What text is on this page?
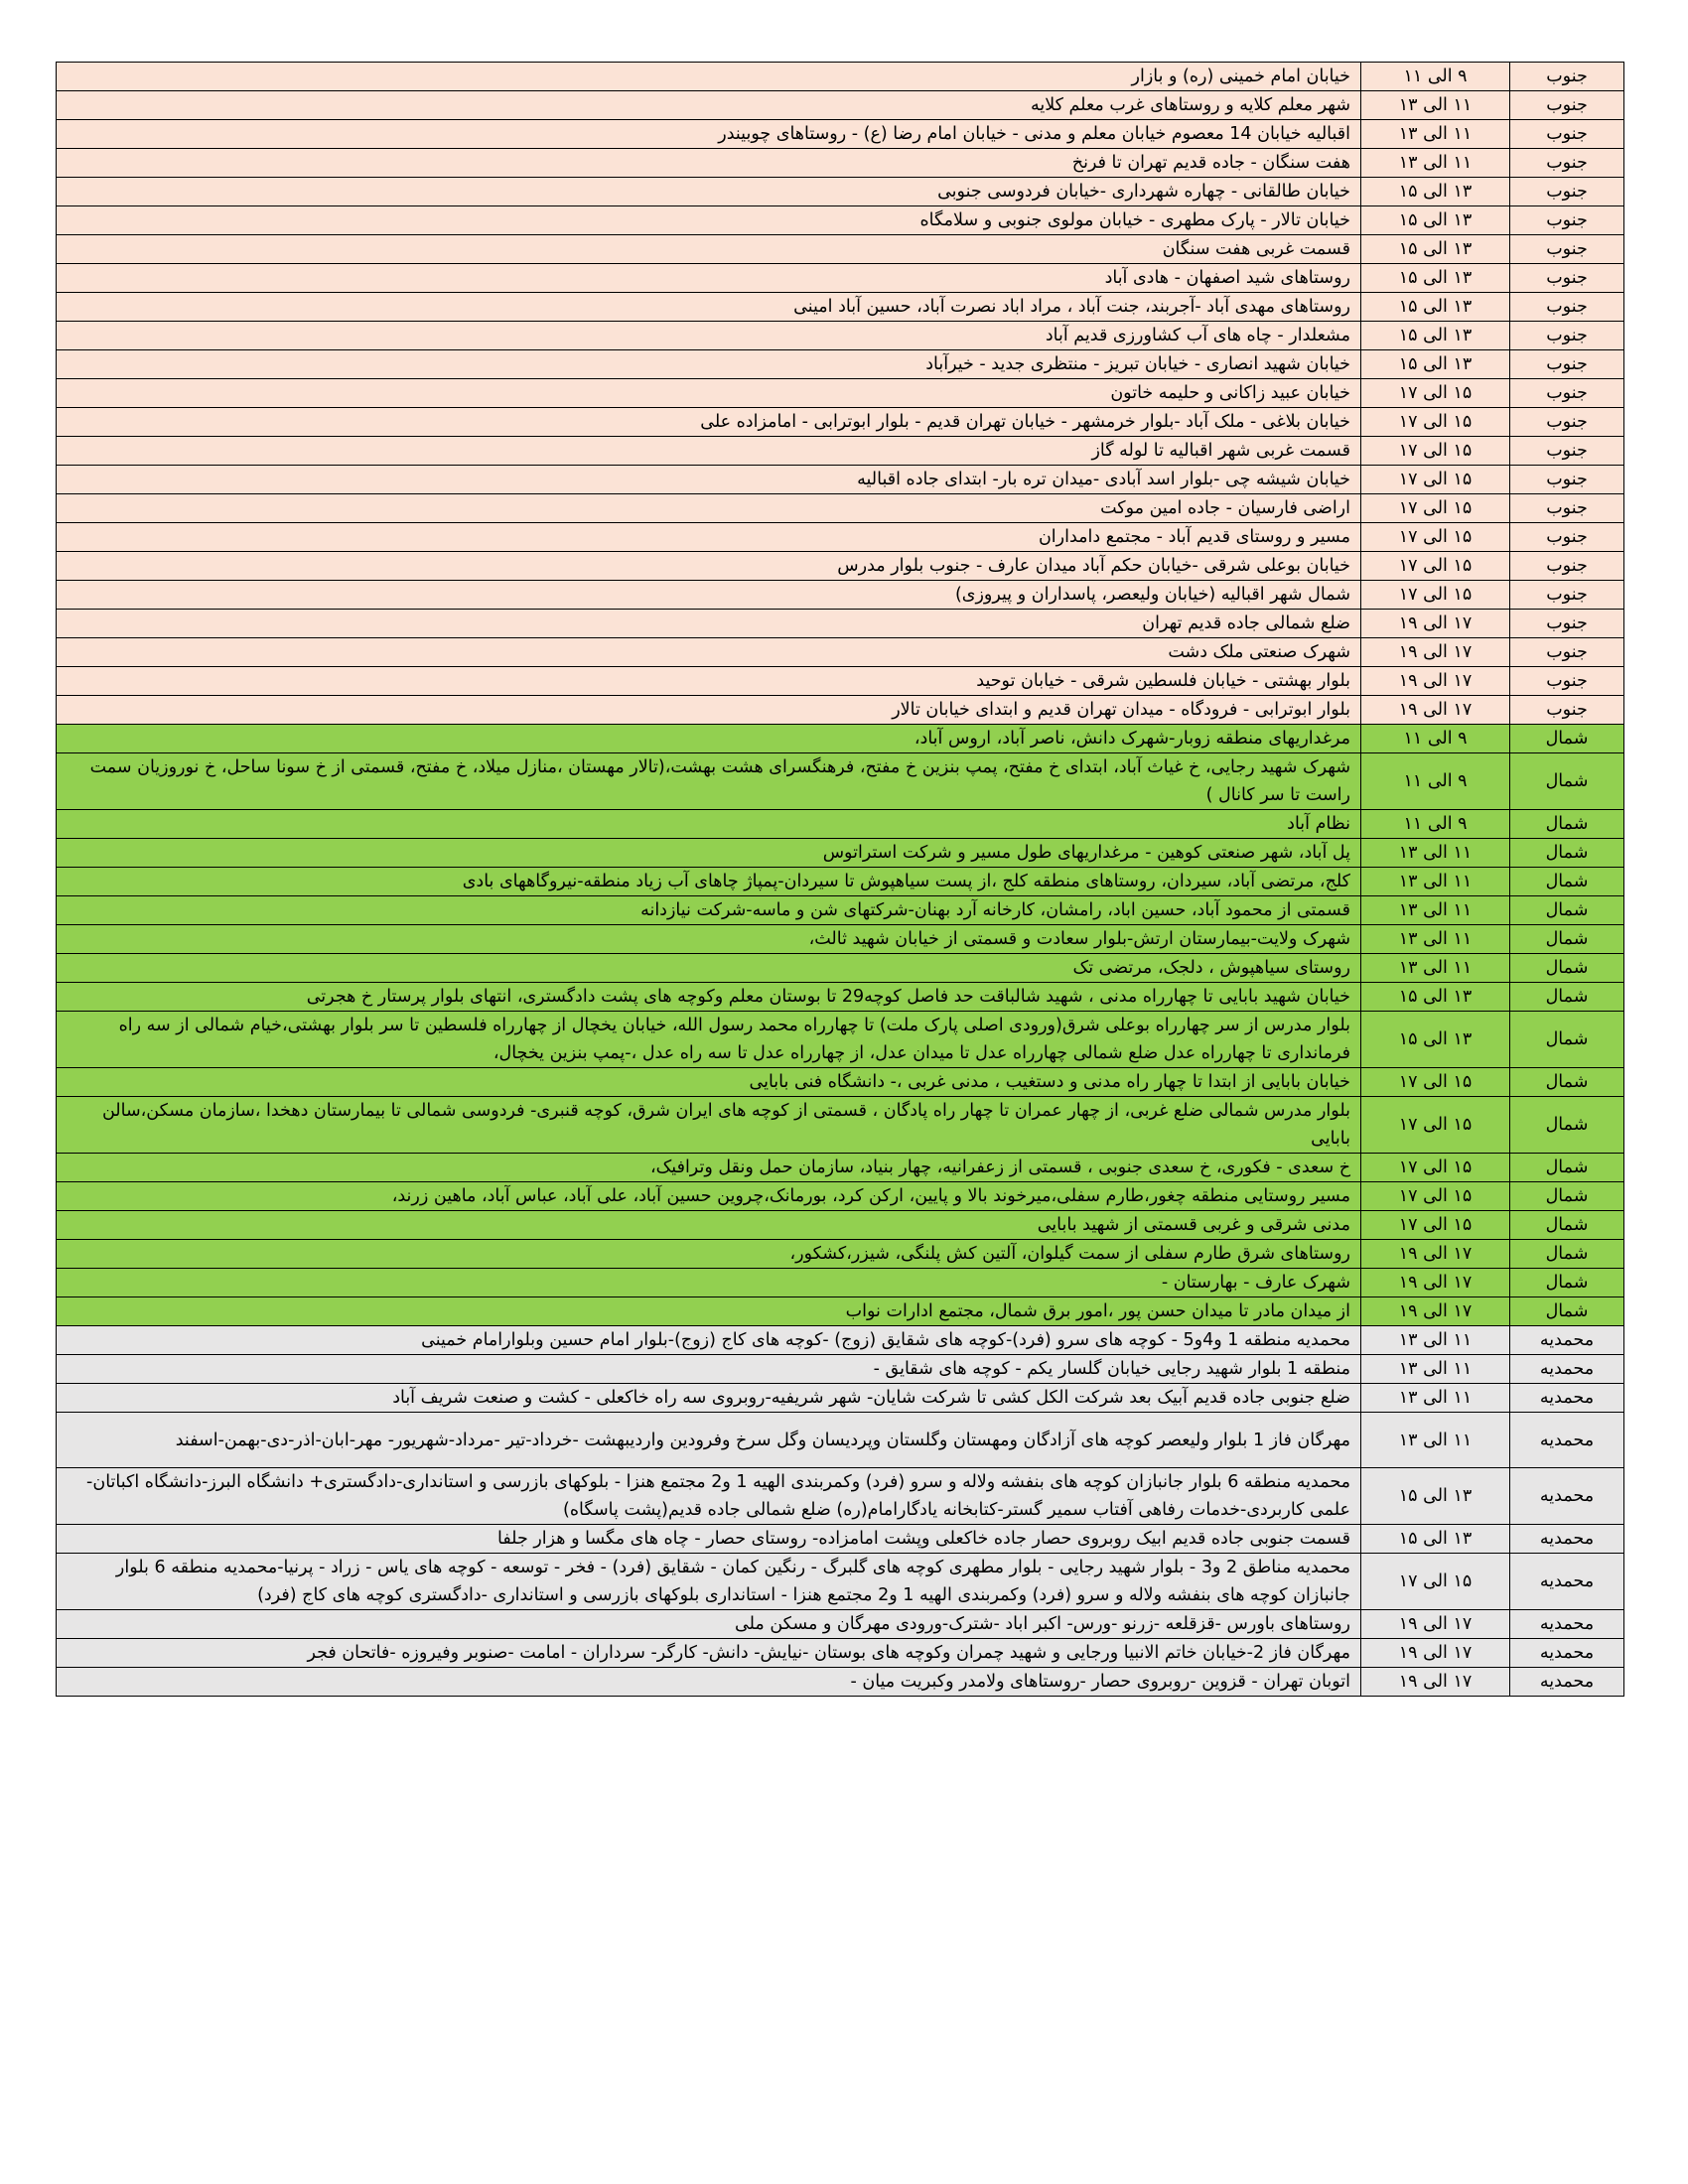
جنوب	۹ الی ۱۱	خیابان امام خمینی (ره) و بازار
جنوب	۱۱ الی ۱۳	شهر معلم کلایه و روستاهای غرب معلم کلایه
جنوب	۱۱ الی ۱۳	اقبالیه خیابان 14 معصوم خیابان معلم و مدنی - خیابان امام رضا (ع) - روستاهای چوبیندر
جنوب	۱۱ الی ۱۳	هفت سنگان - جاده قدیم تهران تا فرنخ
جنوب	۱۳ الی ۱۵	خیابان طالقانی - چهاره شهرداری -خیابان فردوسی جنوبی
جنوب	۱۳ الی ۱۵	خیابان تالار - پارک مطهری - خیابان مولوی جنوبی و سلامگاه
جنوب	۱۳ الی ۱۵	قسمت غربی هفت سنگان
جنوب	۱۳ الی ۱۵	روستاهای شید اصفهان - هادی آباد
جنوب	۱۳ الی ۱۵	روستاهای مهدی آباد -آجربند، جنت آباد ، مراد اباد نصرت آباد، حسین آباد امینی
جنوب	۱۳ الی ۱۵	مشعلدار - چاه های آب کشاورزی قدیم آباد
جنوب	۱۳ الی ۱۵	خیابان شهید انصاری - خیابان تبریز - منتظری جدید - خیرآباد
جنوب	۱۵ الی ۱۷	خیابان عبید زاکانی و حلیمه خاتون
جنوب	۱۵ الی ۱۷	خیابان بلاغی - ملک آباد -بلوار خرمشهر - خیابان تهران قدیم - بلوار ابوترابی - امامزاده علی
جنوب	۱۵ الی ۱۷	قسمت غربی شهر اقبالیه تا لوله گاز
جنوب	۱۵ الی ۱۷	خیابان شیشه چی -بلوار اسد آبادی -میدان تره بار- ابتدای جاده اقبالیه
جنوب	۱۵ الی ۱۷	اراضی فارسیان - جاده امین موکت
جنوب	۱۵ الی ۱۷	مسیر و روستای قدیم آباد - مجتمع دامداران
جنوب	۱۵ الی ۱۷	خیابان بوعلی شرقی -خیابان حکم آباد میدان عارف - جنوب بلوار مدرس
جنوب	۱۵ الی ۱۷	شمال شهر اقبالیه (خیابان ولیعصر، پاسداران و پیروزی)
جنوب	۱۷ الی ۱۹	ضلع شمالی جاده قدیم تهران
جنوب	۱۷ الی ۱۹	شهرک صنعتی ملک دشت
جنوب	۱۷ الی ۱۹	بلوار بهشتی - خیابان فلسطین شرقی - خیابان توحید
جنوب	۱۷ الی ۱۹	بلوار ابوترابی - فرودگاه - میدان تهران قدیم و ابتدای خیابان تالار
شمال	۹ الی ۱۱	مرغداریهای منطقه زوبار-شهرک دانش، ناصر آباد، اروس آباد،
شمال	۹ الی ۱۱	شهرک شهید رجایی، خ غیاث آباد، ابتدای خ مفتح، پمپ بنزین خ مفتح، فرهنگسرای هشت بهشت،(تالار مهستان ،منازل میلاد، خ مفتح، قسمتی از خ سونا ساحل، خ نوروزیان سمت راست تا سر کانال )
شمال	۹ الی ۱۱	نظام آباد
شمال	۱۱ الی ۱۳	پل آباد، شهر صنعتی کوهین - مرغداریهای طول مسیر و شرکت استراتوس
شمال	۱۱ الی ۱۳	کلج، مرتضی آباد، سیردان، روستاهای منطقه کلج ،از پست سیاهپوش تا سیردان-پمپاژ چاهای آب زیاد منطقه-نیروگاههای بادی
شمال	۱۱ الی ۱۳	قسمتی از محمود آباد، حسین اباد، رامشان، کارخانه آرد بهنان-شرکتهای شن و ماسه-شرکت نیازدانه
شمال	۱۱ الی ۱۳	شهرک ولایت-بیمارستان ارتش-بلوار سعادت و قسمتی از خیابان شهید ثالث،
شمال	۱۱ الی ۱۳	روستای سیاهپوش ، دلجک، مرتضی تک
شمال	۱۳ الی ۱۵	خیابان شهید بابایی تا چهارراه مدنی ، شهید شالباقت حد فاصل کوچه29 تا بوستان معلم وکوچه های پشت دادگستری، انتهای بلوار پرستار خ هجرتی
شمال	۱۳ الی ۱۵	بلوار مدرس از سر چهارراه بوعلی شرق(ورودی اصلی پارک ملت) تا چهارراه محمد رسول الله، خیابان یخچال از چهارراه فلسطین تا سر بلوار بهشتی،خیام شمالی از سه راه فرمانداری تا چهارراه عدل ضلع شمالی چهارراه عدل تا میدان عدل، از چهارراه عدل تا سه راه عدل ،-پمپ بنزین یخچال،
شمال	۱۵ الی ۱۷	خیابان بابایی از ابتدا تا چهار راه مدنی و دستغیب ، مدنی غربی ،- دانشگاه فنی بابایی
شمال	۱۵ الی ۱۷	بلوار مدرس شمالی ضلع غربی، از چهار عمران تا چهار راه پادگان ، قسمتی از کوچه های ایران شرق، کوچه قنبری- فردوسی شمالی تا بیمارستان دهخدا ،سازمان مسکن،سالن بابایی
شمال	۱۵ الی ۱۷	خ سعدی - فکوری، خ سعدی جنوبی ، قسمتی از زعفرانیه، چهار بنیاد، سازمان حمل ونقل وترافیک،
شمال	۱۵ الی ۱۷	مسیر روستایی منطقه چغور،طارم سفلی،میرخوند بالا و پایین، ارکن کرد، بورمانک،چروین حسین آباد، علی آباد، عباس آباد، ماهین زرند،
شمال	۱۵ الی ۱۷	مدنی شرقی و غربی قسمتی از شهید بابایی
شمال	۱۷ الی ۱۹	روستاهای شرق طارم سفلی از سمت گیلوان، آلتین کش پلنگی، شیزر،کشکور،
شمال	۱۷ الی ۱۹	شهرک عارف - بهارستان -
شمال	۱۷ الی ۱۹	از میدان مادر تا میدان حسن پور ،امور برق شمال، مجتمع ادارات نواب
محمدیه	۱۱ الی ۱۳	محمدیه منطقه 1 و4و5 - کوچه های سرو (فرد)-کوچه های شقایق (زوج) -کوچه های کاج (زوج)-بلوار امام حسین وبلوارامام خمینی
محمدیه	۱۱ الی ۱۳	منطقه 1 بلوار شهید رجایی خیابان گلسار یکم - کوچه های شقایق -
محمدیه	۱۱ الی ۱۳	ضلع جنوبی جاده قدیم آبیک بعد شرکت الکل کشی تا شرکت شایان- شهر شریفیه-روبروی سه راه خاکعلی - کشت و صنعت شریف آباد
محمدیه	۱۱ الی ۱۳	مهرگان فاز 1 بلوار ولیعصر کوچه های آزادگان ومهستان وگلستان وپردیسان وگل سرخ وفرودین واردیبهشت -خرداد-تیر -مرداد-شهریور- مهر-ابان-اذر-دی-بهمن-اسفند
محمدیه	۱۳ الی ۱۵	محمدیه منطقه 6 بلوار جانبازان کوچه های بنفشه ولاله و سرو (فرد) وکمربندی الهیه 1 و2 مجتمع هنزا - بلوکهای بازرسی و استانداری-دادگستری+ دانشگاه البرز-دانشگاه اکباتان-علمی کاربردی-خدمات رفاهی آفتاب سمیر گستر-کتابخانه یادگارامام(ره) ضلع شمالی جاده قدیم(پشت پاسگاه)
محمدیه	۱۳ الی ۱۵	قسمت جنوبی جاده قدیم ابیک روبروی حصار جاده خاکعلی وپشت امامزاده- روستای حصار - چاه های مگسا و هزار جلفا
محمدیه	۱۵ الی ۱۷	محمدیه مناطق 2 و3 - بلوار شهید رجایی - بلوار مطهری کوچه های گلبرگ - رنگین کمان - شقایق (فرد) - فخر - توسعه - کوچه های یاس - زراد - پرنیا-محمدیه منطقه 6 بلوار جانبازان کوچه های بنفشه ولاله و سرو (فرد) وکمربندی الهیه 1 و2 مجتمع هنزا - استانداری بلوکهای بازرسی و استانداری -دادگستری کوچه های کاج (فرد)
محمدیه	۱۷ الی ۱۹	روستاهای باورس -قزقلعه -زرنو -ورس- اکبر اباد -شترک-ورودی مهرگان و مسکن ملی
محمدیه	۱۷ الی ۱۹	مهرگان فاز 2-خیابان خاتم الانبیا ورجایی و شهید چمران وکوچه های بوستان -نیایش- دانش- کارگر- سرداران - امامت -صنوبر وفیروزه -فاتحان فجر
محمدیه	۱۷ الی ۱۹	اتوبان تهران - قزوین -روبروی حصار -روستاهای ولامدر وکبریت میان -
